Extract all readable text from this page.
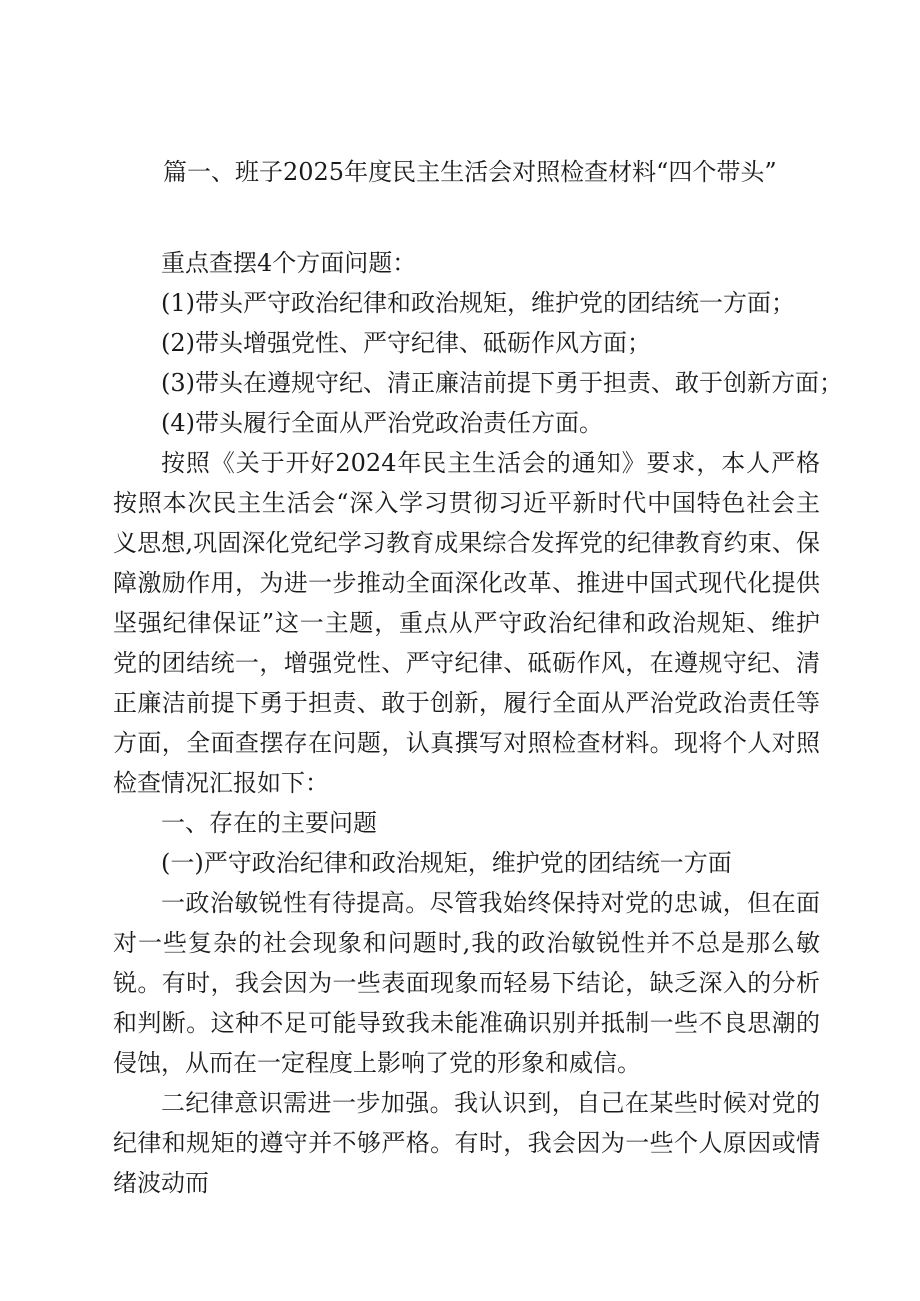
篇一、班子2025年度民主生活会对照检查材料“四个带头”

重点查摆4个方面问题：

(1)带头严守政治纪律和政治规矩，维护党的团结统一方面；

(2)带头增强党性、严守纪律、砥砺作风方面；

(3)带头在遵规守纪、清正廉洁前提下勇于担责、敢于创新方面；

(4)带头履行全面从严治党政治责任方面。

按照《关于开好2024年民主生活会的通知》要求，本人严格按照本次民主生活会“深入学习贯彻习近平新时代中国特色社会主义思想,巩固深化党纪学习教育成果综合发挥党的纪律教育约束、保障激励作用，为进一步推动全面深化改革、推进中国式现代化提供坚强纪律保证”这一主题，重点从严守政治纪律和政治规矩、维护党的团结统一，增强党性、严守纪律、砥砺作风，在遵规守纪、清正廉洁前提下勇于担责、敢于创新，履行全面从严治党政治责任等方面，全面查摆存在问题，认真撰写对照检查材料。现将个人对照检查情况汇报如下：

一、存在的主要问题

(一)严守政治纪律和政治规矩，维护党的团结统一方面

一政治敏锐性有待提高。尽管我始终保持对党的忠诚，但在面对一些复杂的社会现象和问题时,我的政治敏锐性并不总是那么敏锐。有时，我会因为一些表面现象而轻易下结论，缺乏深入的分析和判断。这种不足可能导致我未能准确识别并抵制一些不良思潮的侵蚀，从而在一定程度上影响了党的形象和威信。

二纪律意识需进一步加强。我认识到，自己在某些时候对党的纪律和规矩的遵守并不够严格。有时，我会因为一些个人原因或情绪波动而
